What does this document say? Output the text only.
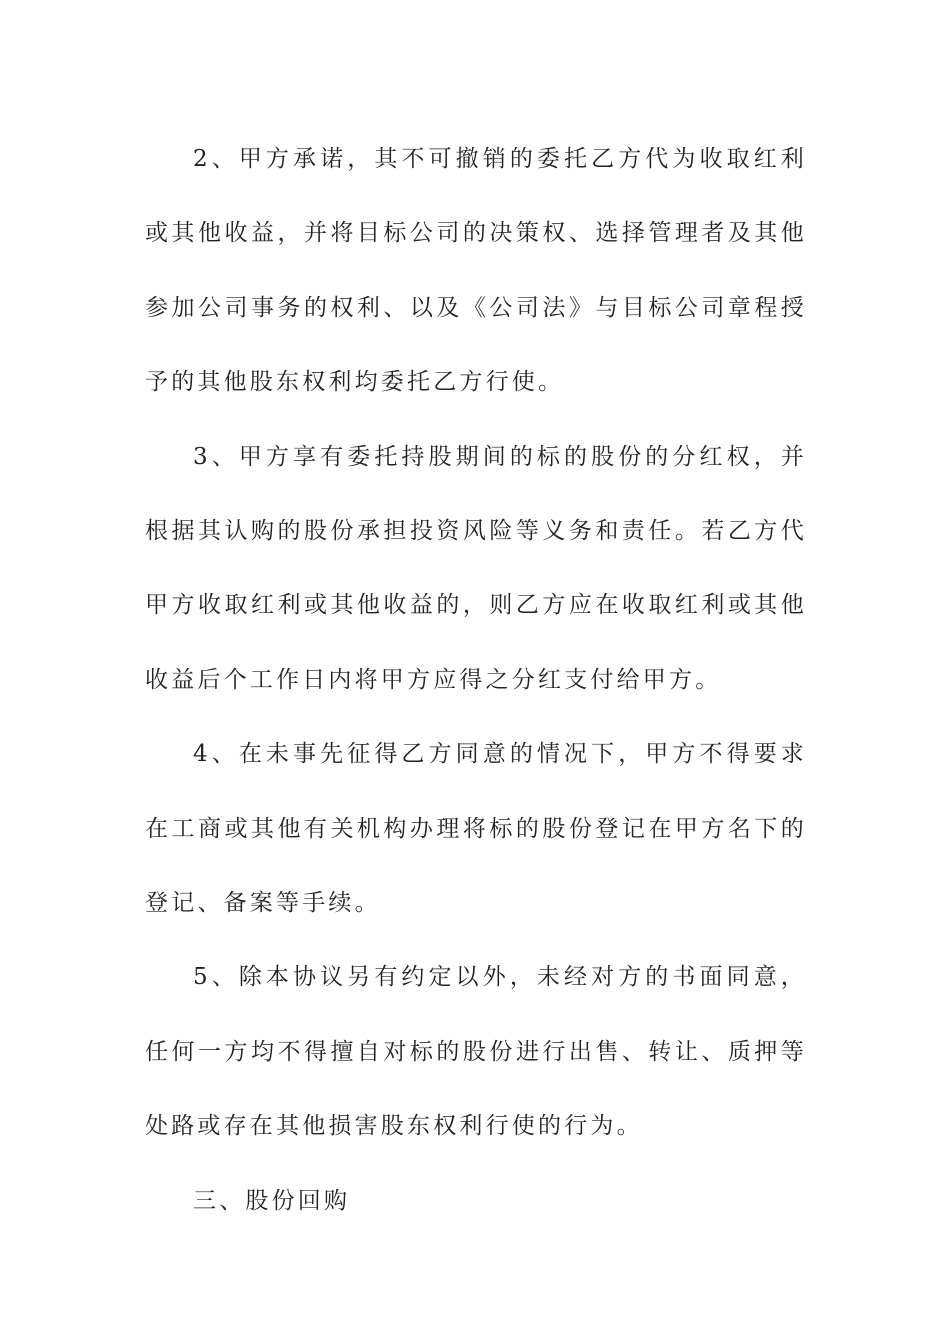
2、甲方承诺，其不可撤销的委托乙方代为收取红利或其他收益，并将目标公司的决策权、选择管理者及其他参加公司事务的权利、以及《公司法》与目标公司章程授予的其他股东权利均委托乙方行使。

3、甲方享有委托持股期间的标的股份的分红权，并根据其认购的股份承担投资风险等义务和责任。若乙方代甲方收取红利或其他收益的，则乙方应在收取红利或其他收益后个工作日内将甲方应得之分红支付给甲方。

4、在未事先征得乙方同意的情况下，甲方不得要求在工商或其他有关机构办理将标的股份登记在甲方名下的登记、备案等手续。

5、除本协议另有约定以外，未经对方的书面同意，任何一方均不得擅自对标的股份进行出售、转让、质押等处路或存在其他损害股东权利行使的行为。

三、股份回购
